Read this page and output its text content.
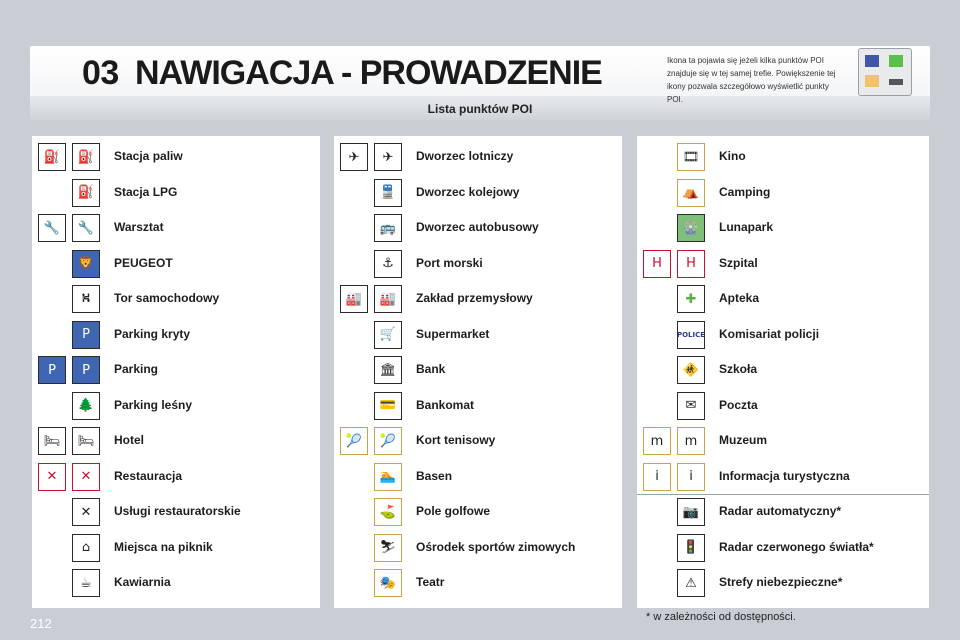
03 NAWIGACJA - PROWADZENIE
Lista punktów POI
Ikona ta pojawia się jeżeli kilka punktów POI znajduje się w tej samej trefie. Powiększenie tej ikony pozwala szczegółowo wyświetlić punkty POI.
⛽	⛽	Stacja paliw
⛽	Stacja LPG
🔧	🔧	Warsztat
🦁	PEUGEOT
⛕	Tor samochodowy
P	Parking kryty
P	P	Parking
🌲	Parking leśny
🛏	🛏	Hotel
✕	✕	Restauracja
✕	Usługi restauratorskie
⌂	Miejsca na piknik
☕	Kawiarnia
✈	✈	Dworzec lotniczy
🚆	Dworzec kolejowy
🚌	Dworzec autobusowy
⚓	Port morski
🏭	🏭	Zakład przemysłowy
🛒	Supermarket
🏛	Bank
💳	Bankomat
🎾	🎾	Kort tenisowy
🏊	Basen
⛳	Pole golfowe
⛷	Ośrodek sportów zimowych
🎭	Teatr
🎞	Kino
⛺	Camping
🎡	Lunapark
H	H	Szpital
✚	Apteka
POLICE Komisariat policji
🚸	Szkoła
✉	Poczta
m	m	Muzeum
i	i	Informacja turystyczna
📷	Radar automatyczny*
🚦	Radar czerwonego światła*
⚠	Strefy niebezpieczne*
* w zależności od dostępności.
212
